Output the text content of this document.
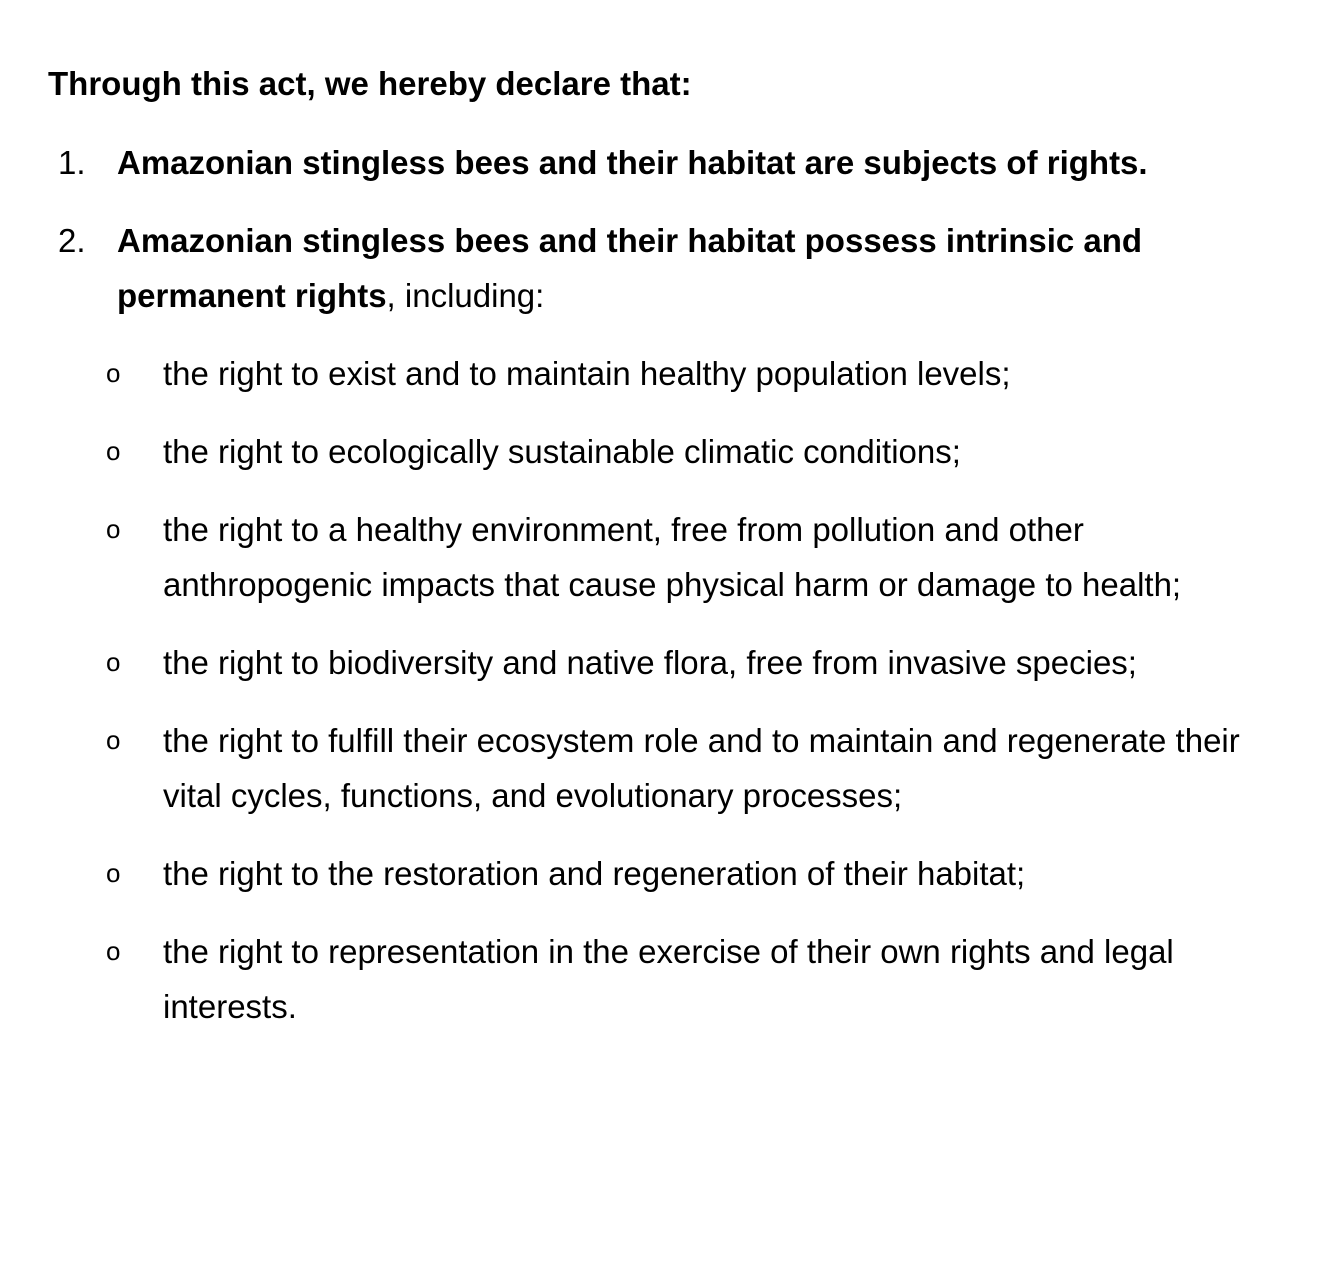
Through this act, we hereby declare that:

1. Amazonian stingless bees and their habitat are subjects of rights.
2. Amazonian stingless bees and their habitat possess intrinsic and permanent rights, including:
o the right to exist and to maintain healthy population levels;
o the right to ecologically sustainable climatic conditions;
o the right to a healthy environment, free from pollution and other anthropogenic impacts that cause physical harm or damage to health;
o the right to biodiversity and native flora, free from invasive species;
o the right to fulfill their ecosystem role and to maintain and regenerate their vital cycles, functions, and evolutionary processes;
o the right to the restoration and regeneration of their habitat;
o the right to representation in the exercise of their own rights and legal interests.
